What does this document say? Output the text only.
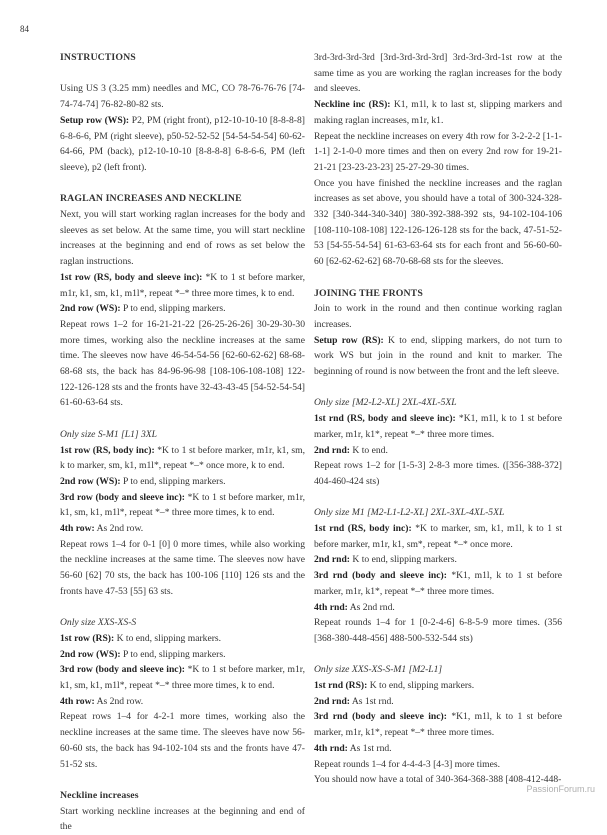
84
INSTRUCTIONS

Using US 3 (3.25 mm) needles and MC, CO 78-76-76-76 [74-74-74-74] 76-82-80-82 sts.

Setup row (WS): P2, PM (right front), p12-10-10-10 [8-8-8-8] 6-8-6-6, PM (right sleeve), p50-52-52-52 [54-54-54-54] 60-62-64-66, PM (back), p12-10-10-10 [8-8-8-8] 6-8-6-6, PM (left sleeve), p2 (left front).

RAGLAN INCREASES AND NECKLINE

Next, you will start working raglan increases for the body and sleeves as set below. At the same time, you will start neckline increases at the beginning and end of rows as set below the raglan instructions.

1st row (RS, body and sleeve inc): *K to 1 st before marker, m1r, k1, sm, k1, m1l*, repeat *–* three more times, k to end.

2nd row (WS): P to end, slipping markers.

Repeat rows 1–2 for 16-21-21-22 [26-25-26-26] 30-29-30-30 more times, working also the neckline increases at the same time. The sleeves now have 46-54-54-56 [62-60-62-62] 68-68-68-68 sts, the back has 84-96-96-98 [108-106-108-108] 122-122-126-128 sts and the fronts have 32-43-43-45 [54-52-54-54] 61-60-63-64 sts.

Only size S-M1 [L1] 3XL

1st row (RS, body inc): *K to 1 st before marker, m1r, k1, sm, k to marker, sm, k1, m1l*, repeat *–* once more, k to end.

2nd row (WS): P to end, slipping markers.

3rd row (body and sleeve inc): *K to 1 st before marker, m1r, k1, sm, k1, m1l*, repeat *–* three more times, k to end.

4th row: As 2nd row.

Repeat rows 1–4 for 0-1 [0] 0 more times, while also working the neckline increases at the same time. The sleeves now have 56-60 [62] 70 sts, the back has 100-106 [110] 126 sts and the fronts have 47-53 [55] 63 sts.

Only size XXS-XS-S

1st row (RS): K to end, slipping markers.

2nd row (WS): P to end, slipping markers.

3rd row (body and sleeve inc): *K to 1 st before marker, m1r, k1, sm, k1, m1l*, repeat *–* three more times, k to end.

4th row: As 2nd row.

Repeat rows 1–4 for 4-2-1 more times, working also the neckline increases at the same time. The sleeves have now 56-60-60 sts, the back has 94-102-104 sts and the fronts have 47-51-52 sts.

Neckline increases

Start working neckline increases at the beginning and end of the

3rd-3rd-3rd-3rd [3rd-3rd-3rd-3rd] 3rd-3rd-3rd-1st row at the same time as you are working the raglan increases for the body and sleeves.

Neckline inc (RS): K1, m1l, k to last st, slipping markers and making raglan increases, m1r, k1.

Repeat the neckline increases on every 4th row for 3-2-2-2 [1-1-1-1] 2-1-0-0 more times and then on every 2nd row for 19-21-21-21 [23-23-23-23] 25-27-29-30 times.

Once you have finished the neckline increases and the raglan increases as set above, you should have a total of 300-324-328-332 [340-344-340-340] 380-392-388-392 sts, 94-102-104-106 [108-110-108-108] 122-126-126-128 sts for the back, 47-51-52-53 [54-55-54-54] 61-63-63-64 sts for each front and 56-60-60-60 [62-62-62-62] 68-70-68-68 sts for the sleeves.

JOINING THE FRONTS

Join to work in the round and then continue working raglan increases.

Setup row (RS): K to end, slipping markers, do not turn to work WS but join in the round and knit to marker. The beginning of round is now between the front and the left sleeve.

Only size [M2-L2-XL] 2XL-4XL-5XL

1st rnd (RS, body and sleeve inc): *K1, m1l, k to 1 st before marker, m1r, k1*, repeat *–* three more times.

2nd rnd: K to end.

Repeat rows 1–2 for [1-5-3] 2-8-3 more times. ([356-388-372] 404-460-424 sts)

Only size M1 [M2-L1-L2-XL] 2XL-3XL-4XL-5XL

1st rnd (RS, body inc): *K to marker, sm, k1, m1l, k to 1 st before marker, m1r, k1, sm*, repeat *–* once more.

2nd rnd: K to end, slipping markers.

3rd rnd (body and sleeve inc): *K1, m1l, k to 1 st before marker, m1r, k1*, repeat *–* three more times.

4th rnd: As 2nd rnd.

Repeat rounds 1–4 for 1 [0-2-4-6] 6-8-5-9 more times. (356 [368-380-448-456] 488-500-532-544 sts)

Only size XXS-XS-S-M1 [M2-L1]

1st rnd (RS): K to end, slipping markers.

2nd rnd: As 1st rnd.

3rd rnd (body and sleeve inc): *K1, m1l, k to 1 st before marker, m1r, k1*, repeat *–* three more times.

4th rnd: As 1st rnd.

Repeat rounds 1–4 for 4-4-4-3 [4-3] more times.

You should now have a total of 340-364-368-388 [408-412-448-

PassionForum.ru
